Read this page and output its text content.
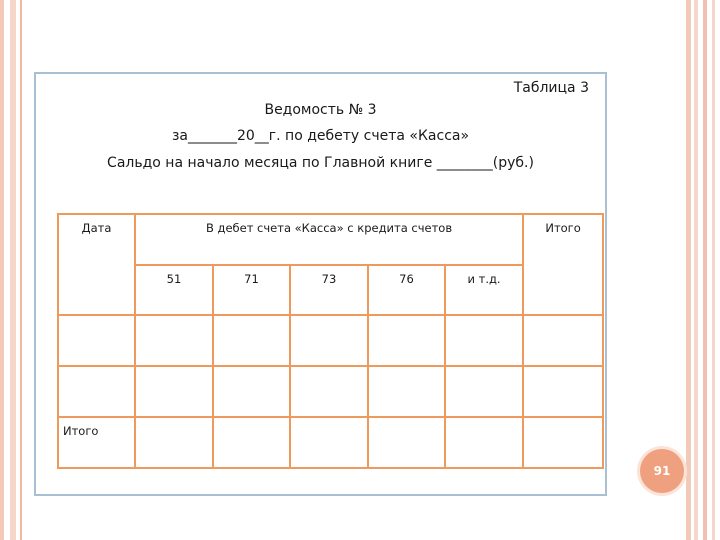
Таблица 3
Ведомость № 3
за_______20__г. по дебету счета «Касса»
Сальдо на начало месяца по Главной книге ________(руб.)
Дата	В дебет счета «Касса» с кредита счетов					Итого
	51	71	73	76	и т.д.	

Итого						
91
